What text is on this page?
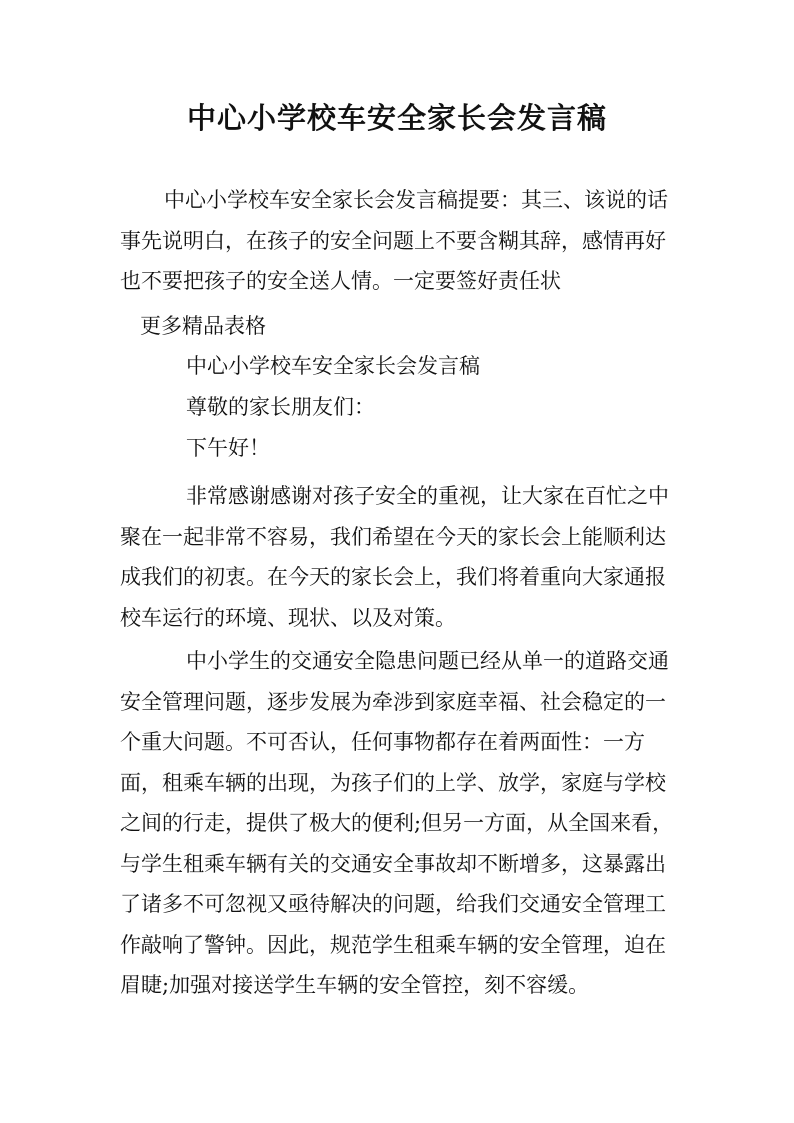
中心小学校车安全家长会发言稿

中心小学校车安全家长会发言稿提要：其三、该说的话事先说明白，在孩子的安全问题上不要含糊其辞，感情再好也不要把孩子的安全送人情。一定要签好责任状

更多精品表格

中心小学校车安全家长会发言稿

尊敬的家长朋友们：

下午好！

非常感谢感谢对孩子安全的重视，让大家在百忙之中聚在一起非常不容易，我们希望在今天的家长会上能顺利达成我们的初衷。在今天的家长会上，我们将着重向大家通报校车运行的环境、现状、以及对策。

中小学生的交通安全隐患问题已经从单一的道路交通安全管理问题，逐步发展为牵涉到家庭幸福、社会稳定的一个重大问题。不可否认，任何事物都存在着两面性：一方面，租乘车辆的出现，为孩子们的上学、放学，家庭与学校之间的行走，提供了极大的便利;但另一方面，从全国来看，与学生租乘车辆有关的交通安全事故却不断增多，这暴露出了诸多不可忽视又亟待解决的问题，给我们交通安全管理工作敲响了警钟。因此，规范学生租乘车辆的安全管理，迫在眉睫;加强对接送学生车辆的安全管控，刻不容缓。
